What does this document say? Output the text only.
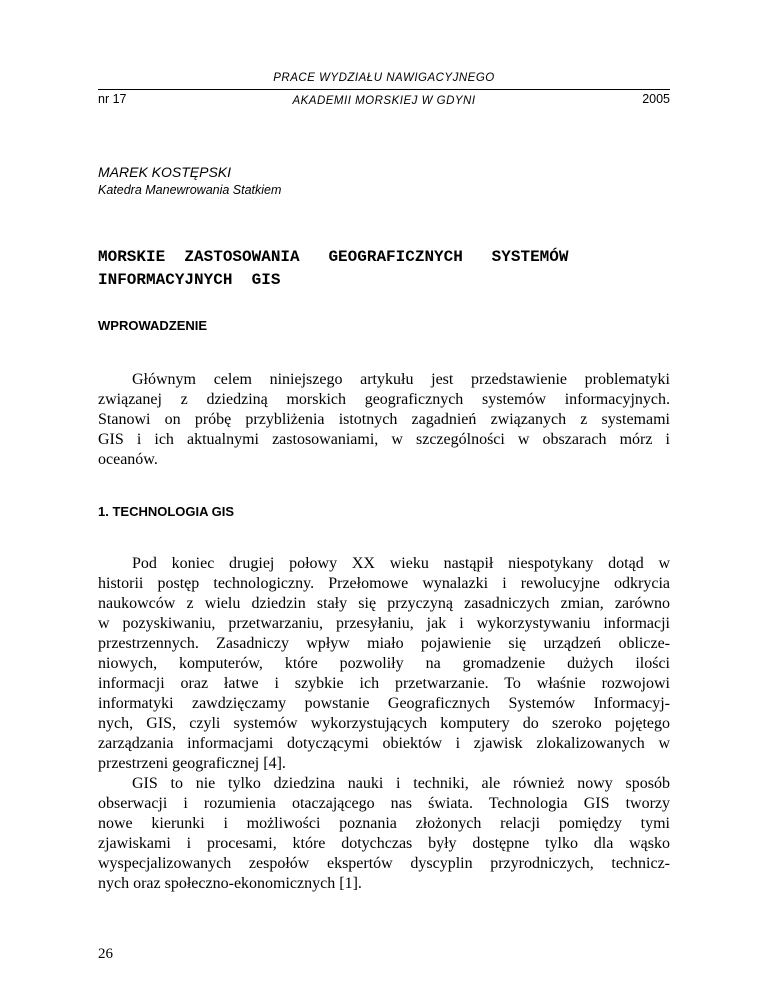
PRACE WYDZIAŁU NAWIGACYJNEGO
nr 17	AKADEMII MORSKIEJ W GDYNI	2005
MAREK KOSTĘPSKI
Katedra Manewrowania Statkiem
MORSKIE  ZASTOSOWANIA   GEOGRAFICZNYCH   SYSTEMÓW
INFORMACYJNYCH  GIS
WPROWADZENIE
Głównym celem niniejszego artykułu jest przedstawienie problematyki
związanej z dziedziną morskich geograficznych systemów informacyjnych.
Stanowi on próbę przybliżenia istotnych zagadnień związanych z systemami
GIS i ich aktualnymi zastosowaniami, w szczególności w obszarach mórz i
oceanów.
1. TECHNOLOGIA GIS
Pod koniec drugiej połowy XX wieku nastąpił niespotykany dotąd w
historii postęp technologiczny. Przełomowe wynalazki i rewolucyjne odkrycia
naukowców z wielu dziedzin stały się przyczyną zasadniczych zmian, zarówno
w pozyskiwaniu, przetwarzaniu, przesyłaniu, jak i wykorzystywaniu informacji
przestrzennych. Zasadniczy wpływ miało pojawienie się urządzeń oblicze-
niowych, komputerów, które pozwoliły na gromadzenie dużych ilości
informacji oraz łatwe i szybkie ich przetwarzanie. To właśnie rozwojowi
informatyki zawdzięczamy powstanie Geograficznych Systemów Informacyj-
nych, GIS, czyli systemów wykorzystujących komputery do szeroko pojętego
zarządzania informacjami dotyczącymi obiektów i zjawisk zlokalizowanych w
przestrzeni geograficznej [4].
GIS to nie tylko dziedzina nauki i techniki, ale również nowy sposób
obserwacji i rozumienia otaczającego nas świata. Technologia GIS tworzy
nowe kierunki i możliwości poznania złożonych relacji pomiędzy tymi
zjawiskami i procesami, które dotychczas były dostępne tylko dla wąsko
wyspecjalizowanych zespołów ekspertów dyscyplin przyrodniczych, technicz-
nych oraz społeczno-ekonomicznych [1].
26
